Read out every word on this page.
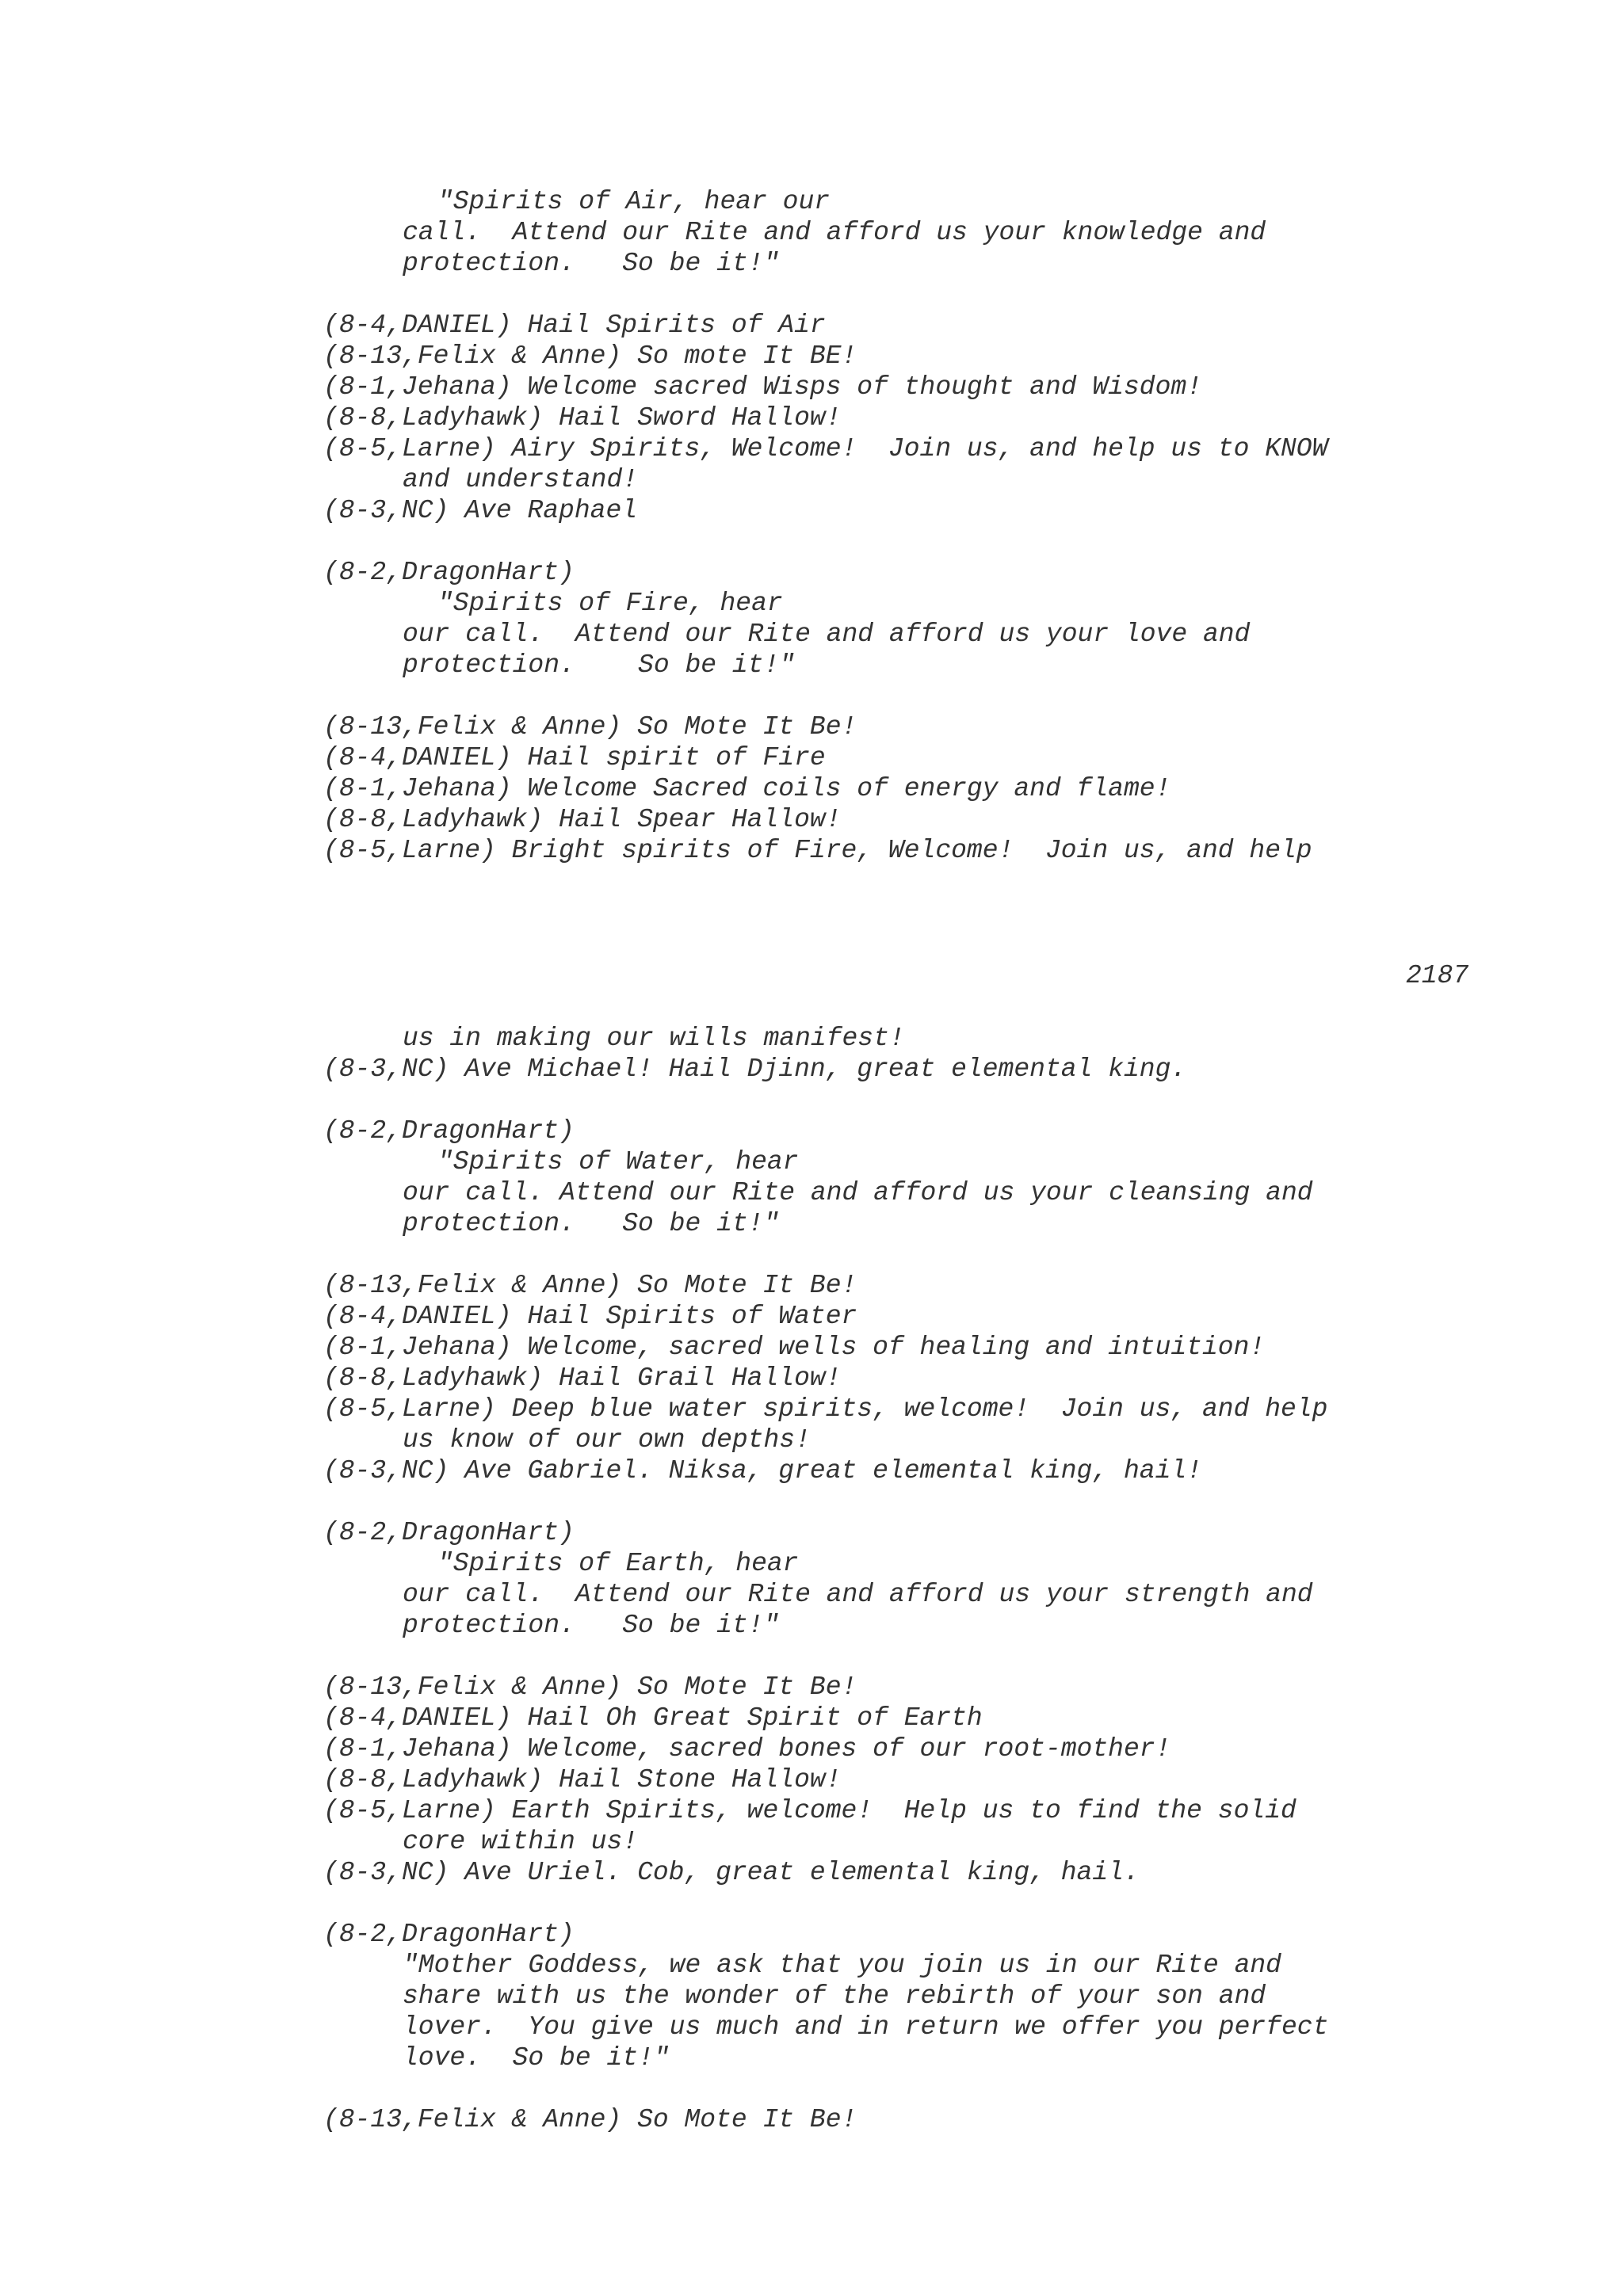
"Spirits of Air, hear our
call.  Attend our Rite and afford us your knowledge and
protection.   So be it!"
(8-4,DANIEL) Hail Spirits of Air
(8-13,Felix & Anne) So mote It BE!
(8-1,Jehana) Welcome sacred Wisps of thought and Wisdom!
(8-8,Ladyhawk) Hail Sword Hallow!
(8-5,Larne) Airy Spirits, Welcome!  Join us, and help us to KNOW
and understand!
(8-3,NC) Ave Raphael
(8-2,DragonHart)
"Spirits of Fire, hear
our call.  Attend our Rite and afford us your love and
protection.    So be it!"
(8-13,Felix & Anne) So Mote It Be!
(8-4,DANIEL) Hail spirit of Fire
(8-1,Jehana) Welcome Sacred coils of energy and flame!
(8-8,Ladyhawk) Hail Spear Hallow!
(8-5,Larne) Bright spirits of Fire, Welcome!  Join us, and help
2187
us in making our wills manifest!
(8-3,NC) Ave Michael! Hail Djinn, great elemental king.
(8-2,DragonHart)
"Spirits of Water, hear
our call. Attend our Rite and afford us your cleansing and
protection.   So be it!"
(8-13,Felix & Anne) So Mote It Be!
(8-4,DANIEL) Hail Spirits of Water
(8-1,Jehana) Welcome, sacred wells of healing and intuition!
(8-8,Ladyhawk) Hail Grail Hallow!
(8-5,Larne) Deep blue water spirits, welcome!  Join us, and help
us know of our own depths!
(8-3,NC) Ave Gabriel. Niksa, great elemental king, hail!
(8-2,DragonHart)
"Spirits of Earth, hear
our call.  Attend our Rite and afford us your strength and
protection.   So be it!"
(8-13,Felix & Anne) So Mote It Be!
(8-4,DANIEL) Hail Oh Great Spirit of Earth
(8-1,Jehana) Welcome, sacred bones of our root-mother!
(8-8,Ladyhawk) Hail Stone Hallow!
(8-5,Larne) Earth Spirits, welcome!  Help us to find the solid
core within us!
(8-3,NC) Ave Uriel. Cob, great elemental king, hail.
(8-2,DragonHart)
"Mother Goddess, we ask that you join us in our Rite and
share with us the wonder of the rebirth of your son and
lover.  You give us much and in return we offer you perfect
love.  So be it!"
(8-13,Felix & Anne) So Mote It Be!
